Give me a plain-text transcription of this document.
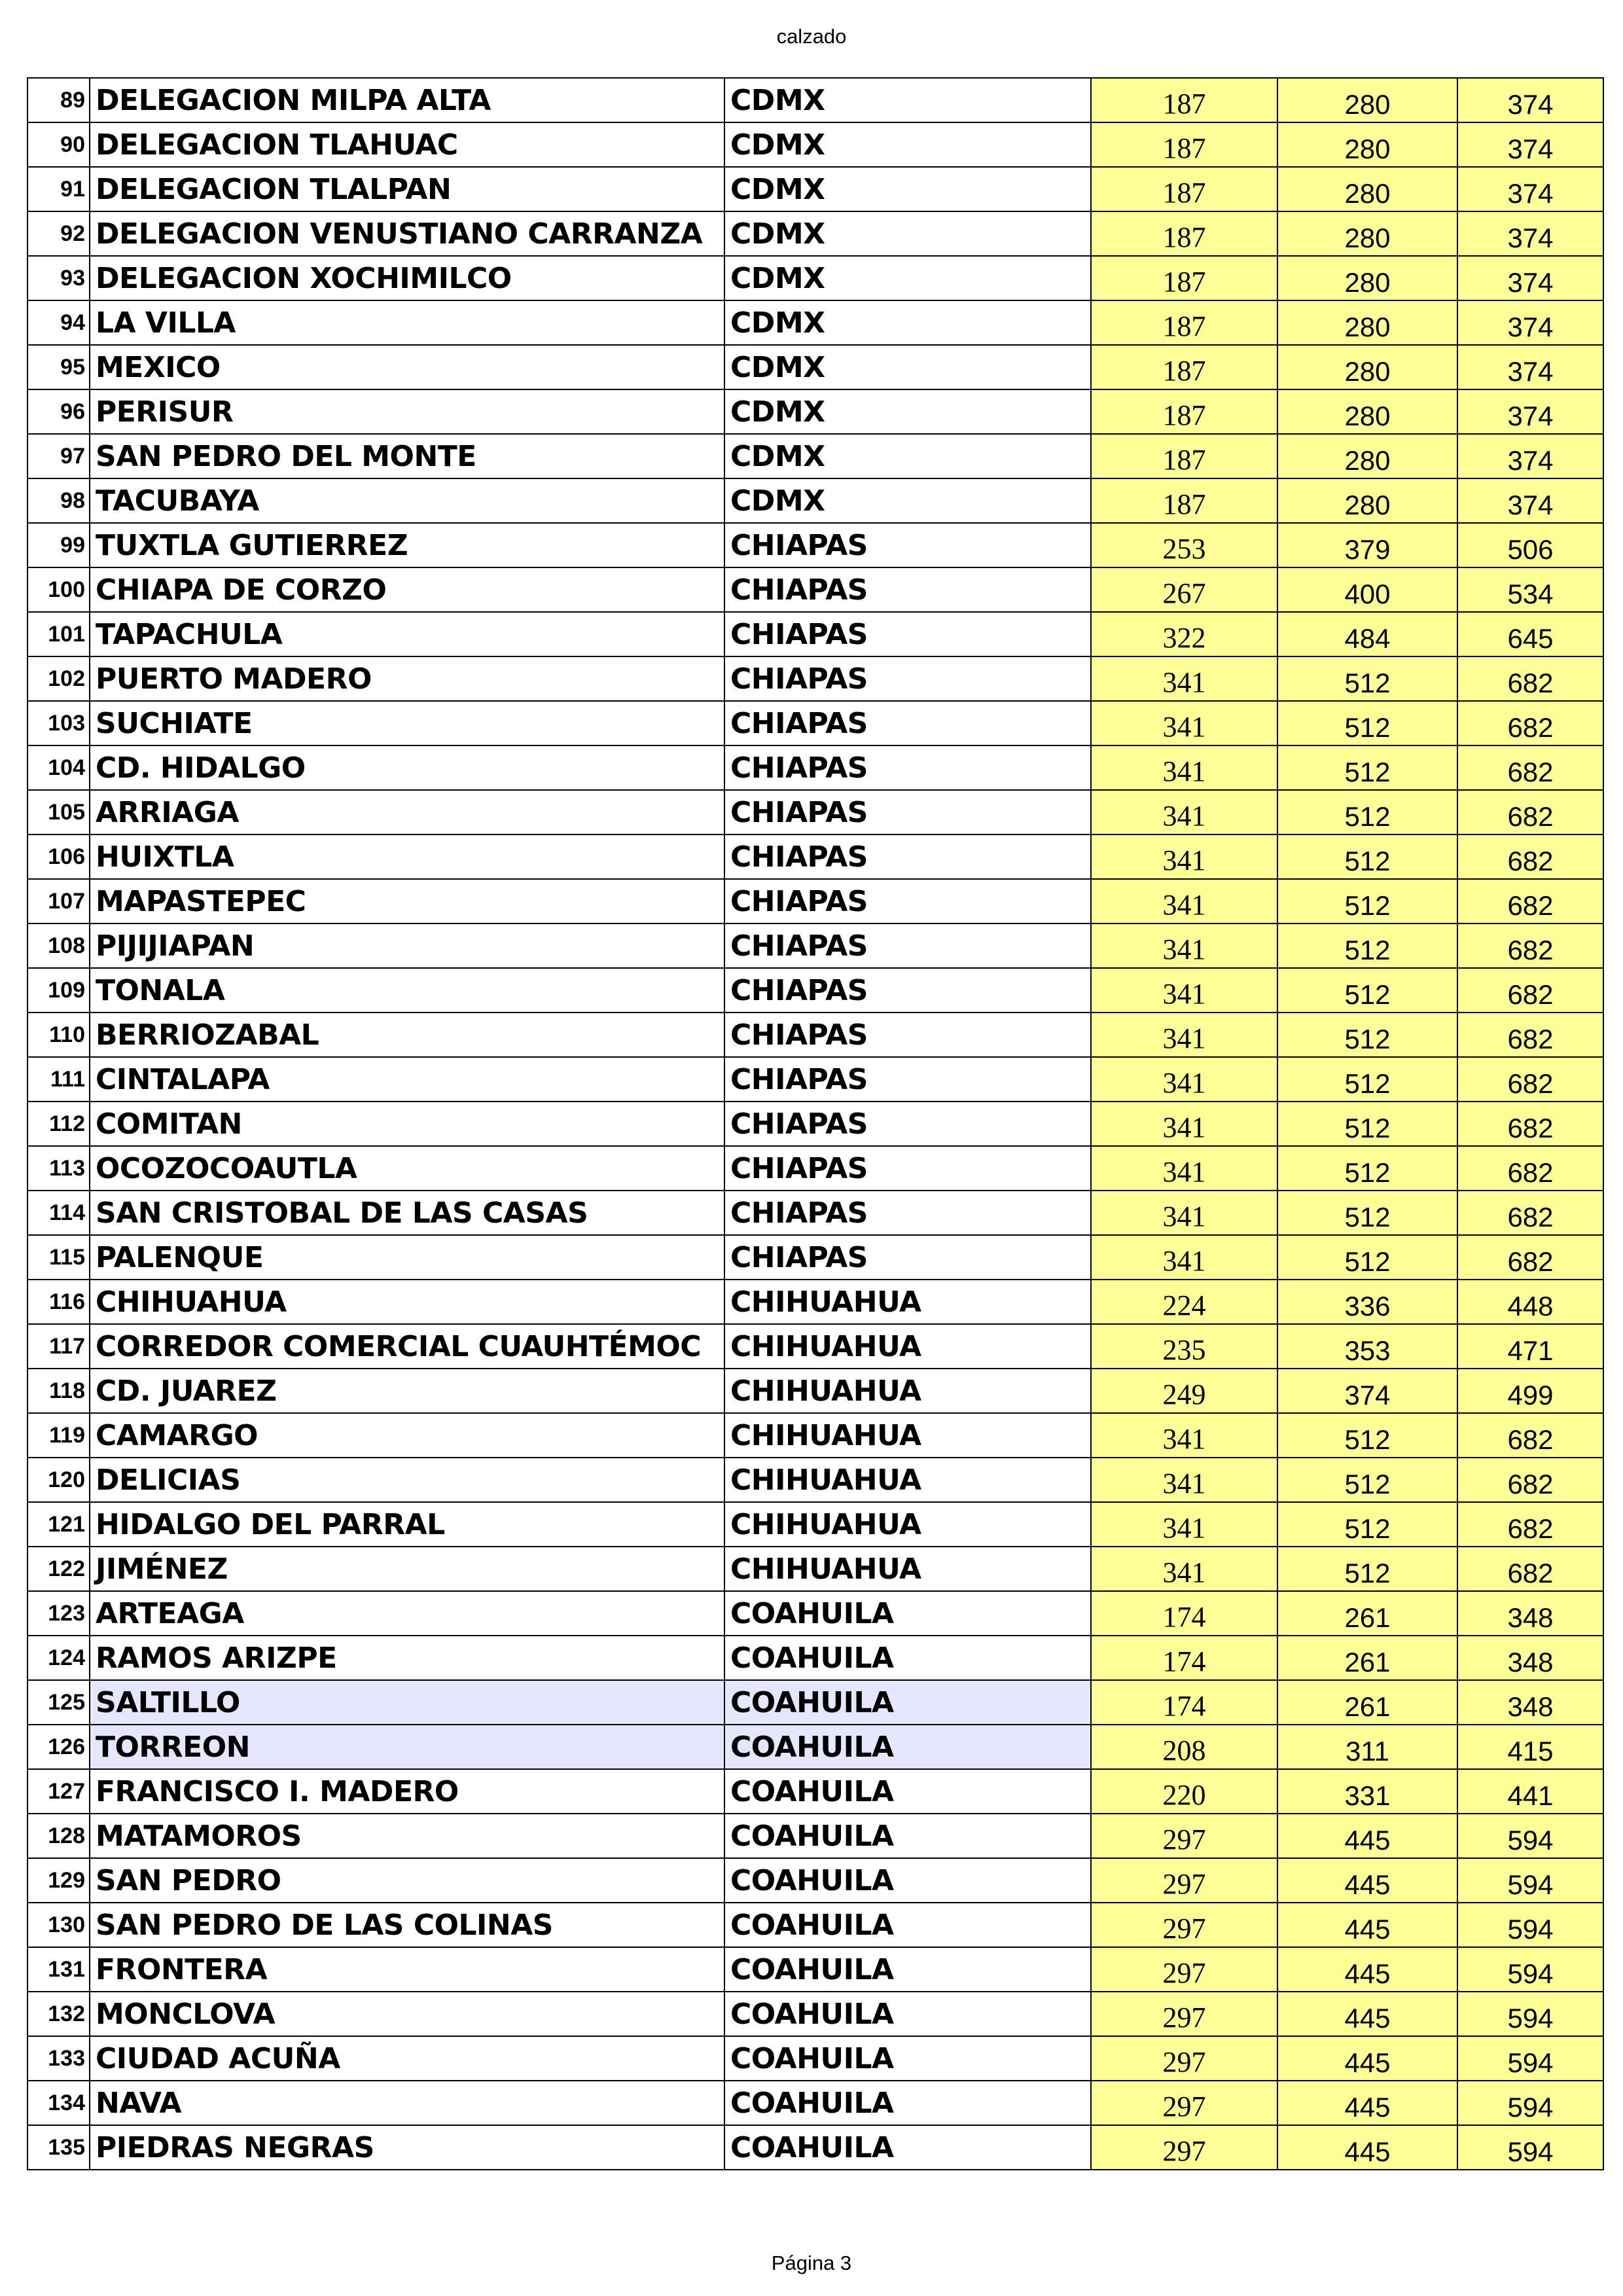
calzado
89	DELEGACION MILPA ALTA	CDMX	187	280	374
90	DELEGACION TLAHUAC	CDMX	187	280	374
91	DELEGACION TLALPAN	CDMX	187	280	374
92	DELEGACION VENUSTIANO CARRANZA	CDMX	187	280	374
93	DELEGACION XOCHIMILCO	CDMX	187	280	374
94	LA VILLA	CDMX	187	280	374
95	MEXICO	CDMX	187	280	374
96	PERISUR	CDMX	187	280	374
97	SAN PEDRO DEL MONTE	CDMX	187	280	374
98	TACUBAYA	CDMX	187	280	374
99	TUXTLA GUTIERREZ	CHIAPAS	253	379	506
100	CHIAPA DE CORZO	CHIAPAS	267	400	534
101	TAPACHULA	CHIAPAS	322	484	645
102	PUERTO MADERO	CHIAPAS	341	512	682
103	SUCHIATE	CHIAPAS	341	512	682
104	CD. HIDALGO	CHIAPAS	341	512	682
105	ARRIAGA	CHIAPAS	341	512	682
106	HUIXTLA	CHIAPAS	341	512	682
107	MAPASTEPEC	CHIAPAS	341	512	682
108	PIJIJIAPAN	CHIAPAS	341	512	682
109	TONALA	CHIAPAS	341	512	682
110	BERRIOZABAL	CHIAPAS	341	512	682
111	CINTALAPA	CHIAPAS	341	512	682
112	COMITAN	CHIAPAS	341	512	682
113	OCOZOCOAUTLA	CHIAPAS	341	512	682
114	SAN CRISTOBAL DE LAS CASAS	CHIAPAS	341	512	682
115	PALENQUE	CHIAPAS	341	512	682
116	CHIHUAHUA	CHIHUAHUA	224	336	448
117	CORREDOR COMERCIAL CUAUHTÉMOC	CHIHUAHUA	235	353	471
118	CD. JUAREZ	CHIHUAHUA	249	374	499
119	CAMARGO	CHIHUAHUA	341	512	682
120	DELICIAS	CHIHUAHUA	341	512	682
121	HIDALGO DEL PARRAL	CHIHUAHUA	341	512	682
122	JIMÉNEZ	CHIHUAHUA	341	512	682
123	ARTEAGA	COAHUILA	174	261	348
124	RAMOS ARIZPE	COAHUILA	174	261	348
125	SALTILLO	COAHUILA	174	261	348
126	TORREON	COAHUILA	208	311	415
127	FRANCISCO I. MADERO	COAHUILA	220	331	441
128	MATAMOROS	COAHUILA	297	445	594
129	SAN PEDRO	COAHUILA	297	445	594
130	SAN PEDRO DE LAS COLINAS	COAHUILA	297	445	594
131	FRONTERA	COAHUILA	297	445	594
132	MONCLOVA	COAHUILA	297	445	594
133	CIUDAD ACUÑA	COAHUILA	297	445	594
134	NAVA	COAHUILA	297	445	594
135	PIEDRAS NEGRAS	COAHUILA	297	445	594
Página 3
